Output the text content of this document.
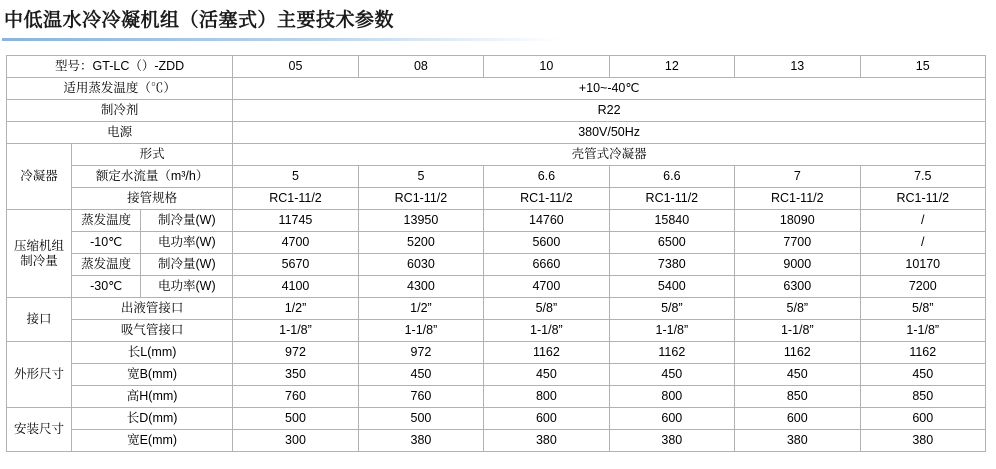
中低温水冷冷凝机组（活塞式）主要技术参数
型号：GT-LC（）-ZDD			05	08	10	12	13	15
适用蒸发温度（℃）			+10~-40℃					
制冷剂			R22					
电源			380V/50Hz					
冷凝器	形式		壳管式冷凝器					
	额定水流量（m³/h）		5	5	6.6	6.6	7	7.5
	接管规格		RC1-11/2	RC1-11/2	RC1-11/2	RC1-11/2	RC1-11/2	RC1-11/2

压缩机组
制冷量	蒸发温度	制冷量(W)	11745	13950	14760	15840	18090	/
	-10℃	电功率(W)	4700	5200	5600	6500	7700	/
	蒸发温度	制冷量(W)	5670	6030	6660	7380	9000	10170
	-30℃	电功率(W)	4100	4300	4700	5400	6300	7200
接口	出液管接口		1/2”	1/2”	5/8”	5/8”	5/8”	5/8”
	吸气管接口		1-1/8”	1-1/8”	1-1/8”	1-1/8”	1-1/8”	1-1/8”
外形尺寸	长L(mm)		972	972	1162	1162	1162	1162
	宽B(mm)		350	450	450	450	450	450
	高H(mm)		760	760	800	800	850	850
安装尺寸	长D(mm)		500	500	600	600	600	600
	宽E(mm)		300	380	380	380	380	380
